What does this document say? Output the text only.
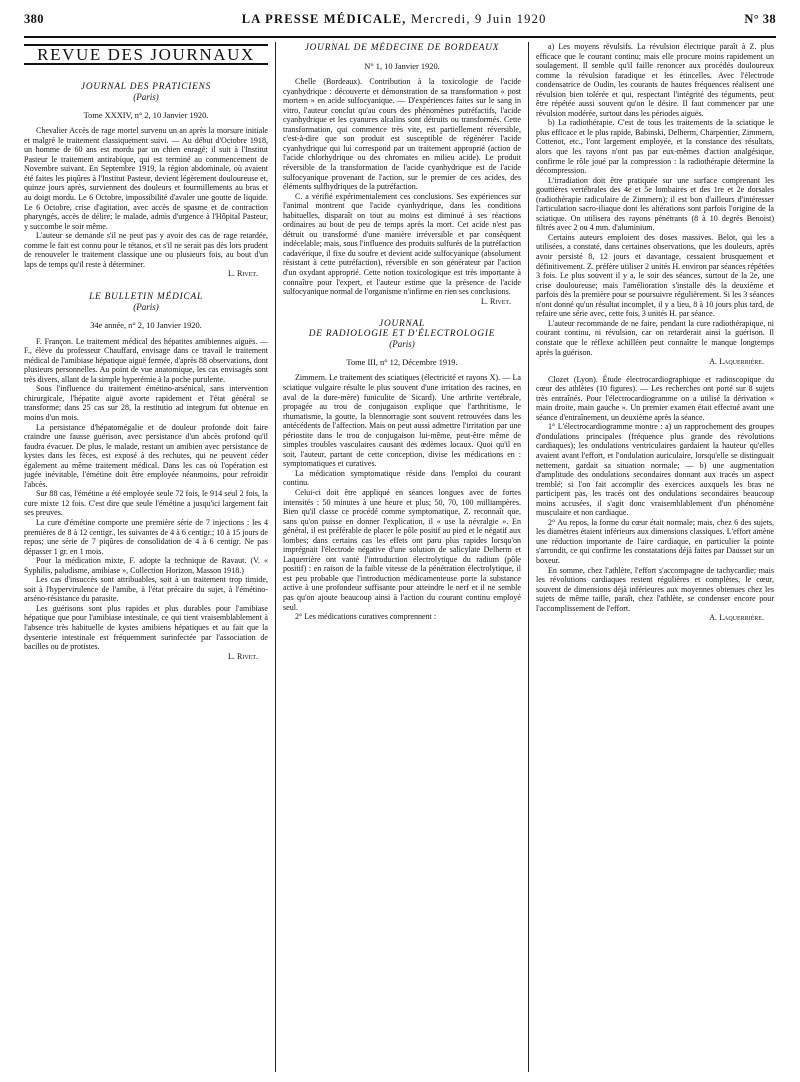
380	LA PRESSE MÉDICALE, Mercredi, 9 Juin 1920	N° 38
REVUE DES JOURNAUX
JOURNAL DES PRATICIENS
(Paris)
Tome XXXIV, n° 2, 10 Janvier 1920.

Chevalier Accès de rage mortel survenu un an après la morsure initiale et malgré le traitement classiquement suivi. — Au début d'Octobre 1918, un homme de 60 ans est mordu par un chien enragé; il suit à l'Institut Pasteur le traitement antirabique, qui est terminé au commencement de Novembre suivant. En Septembre 1919, la région abdominale, où avaient été faites les piqûres à l'Institut Pasteur, devient légèrement douloureuse et, quinze jours après, surviennent des douleurs et fourmillements au bras et au doigt mordu. Le 6 Octobre, impossibilité d'avaler une goutte de liquide. Le 6 Octobre, crise d'agitation, avec accès de spasme et de contraction pharyngés, accès de délire; le malade, admis d'urgence à l'Hôpital Pasteur, y succombe le soir même.

L'auteur se demande s'il ne peut pas y avoir des cas de rage retardée, comme le fait est connu pour le tétanos, et s'il ne serait pas dès lors prudent de renouveler le traitement classique une ou plusieurs fois, au bout d'un laps de temps qu'il reste à déterminer.

L. Rivet.
LE BULLETIN MÉDICAL
(Paris)
34e année, n° 2, 10 Janvier 1920.

F. Françon. Le traitement médical des hépatites amibiennes aiguës. — F., élève du professeur Chauffard, envisage dans ce travail le traitement médical de l'amibiase hépatique aiguë fermée, d'après 88 observations, dont plusieurs personnelles. Au point de vue anatomique, les cas envisagés sont très divers, allant de la simple hyperémie à la poche purulente.

Sous l'influence du traitement émétino-arsénical, sans intervention chirurgicale, l'hépatite aiguë avorte rapidement et l'état général se transforme; dans 25 cas sur 28, la restitutio ad integrum fut obtenue en moins d'un mois.

La persistance d'hépatomégalie et de douleur profonde doit faire craindre une fausse guérison, avec persistance d'un abcès profond qu'il faudra évacuer. De plus, le malade, restant un amibien avec persistance de kystes dans les fèces, est exposé à des rechutes, qui ne peuvent céder également au même traitement médical. Dans les cas où l'opération est jugée inévitable, l'émétine doit être employée néanmoins, pour refroidir l'abcès.

Sur 88 cas, l'émétine a été employée seule 72 fois, le 914 seul 2 fois, la cure mixte 12 fois. C'est dire que seule l'émétine a jusqu'ici largement fait ses preuves.

La cure d'émétine comporte une première série de 7 injections : les 4 premières de 8 à 12 centigr., les suivantes de 4 à 6 centigr.; 10 à 15 jours de repos; une série de 7 piqûres de consolidation de 4 à 6 centigr. Ne pas dépasser 1 gr. en 1 mois.

Pour la médication mixte, F. adopte la technique de Ravaut. (V. « Syphilis, paludisme, amibiase », Collection Horizon, Masson 1918.)

Les cas d'insuccès sont attribuables, soit à un traitement trop timide, soit à l'hypervirulence de l'amibe, à l'état précaire du sujet, à l'émétino-arséno-résistance du parasite.

Les guérisons sont plus rapides et plus durables pour l'amibiase hépatique que pour l'amibiase intestinale, ce qui tient vraisemblablement à l'absence très habituelle de kystes amibiens hépatiques et au fait que la dysenterie intestinale est fréquemment surinfectée par l'association de bacilles ou de protistes.

L. Rivet.
JOURNAL DE MÉDECINE DE BORDEAUX
N° 1, 10 Janvier 1920.

Chelle (Bordeaux). Contribution à la toxicologie de l'acide cyanhydrique : découverte et démonstration de sa transformation « post mortem » en acide sulfocyanique. — D'expériences faites sur le sang in vitro, l'auteur conclut qu'au cours des phénomènes putréfactifs, l'acide cyanhydrique et les cyanures alcalins sont détruits ou transformés. Cette transformation, qui commence très vite, est partiellement réversible, c'est-à-dire que son produit est susceptible de régénérer l'acide cyanhydrique qui lui correspond par un traitement approprié (action de l'acide chlorhydrique ou des chromates en milieu acide). Le produit réversible de la transformation de l'acide cyanhydrique est de l'acide sulfocyanique provenant de l'action, sur le premier de ces acides, des éléments sulfhydriques de la putréfaction.

C. a vérifié expérimentalement ces conclusions. Ses expériences sur l'animal montrent que l'acide cyanhydrique, dans les conditions habituelles, disparaît on tout au moins est diminué à ses réactions ordinaires au bout de peu de temps après la mort. Cet acide n'est pas détruit ou transformé d'une manière irréversible et par conséquent indécelable; mais, sous l'influence des produits sulfurés de la putréfaction cadavérique, il fixe du soufre et devient acide sulfocyanique (absolument résistant à cette putréfaction), réversible en son générateur par l'action d'un oxydant approprié. Cette notion toxicologique est très importante à connaître pour l'expert, et l'auteur estime que la présence de l'acide sulfocyanique normal de l'organisme n'infirme en rien ses conclusions.

L. Rivet.
JOURNAL
DE RADIOLOGIE ET D'ÉLECTROLOGIE
(Paris)
Tome III, n° 12, Décembre 1919.

Zimmern. Le traitement des sciatiques (électricité et rayons X). — La sciatique vulgaire résulte le plus souvent d'une irritation des racines, en aval de la dure-mère) funiculite de Sicard). Une arthrite vertébrale, propagée au trou de conjugaison explique que l'arthritisme, le rhumatisme, la goutte, la blennorragie sont souvent retrouvées dans les antécédents de l'affection. Mais on peut aussi admettre l'irritation par une périostite dans le trou de conjugaison lui-même, peut-être même de simples troubles vasculaires causant des œdèmes locaux. Quoi qu'il en soit, l'auteur, partant de cette conception, divise les médications en : symptomatiques et curatives.

La médication symptomatique réside dans l'emploi du courant continu.

Celui-ci doit être appliqué en séances longues avec de fortes intensités : 50 minutes à une heure et plus; 50, 70, 100 milliampères. Bien qu'il classe ce procédé comme symptomatique, Z. reconnaît que, sans qu'on puisse en donner l'explication, il « use la névralgie ». En général, il est préférable de placer le pôle positif au pied et le négatif aux lombes; dans certains cas les effets ont paru plus rapides lorsqu'on imprégnait l'électrode négative d'une solution de salicylate Delherm et Laquerrière ont vanté l'introduction électrolytique du radium (pôle positif) : en raison de la faible vitesse de la pénétration électrolytique, il est peu probable que l'introduction médicamenteuse porte la substance active à une profondeur suffisante pour atteindre le nerf et il ne semble pas qu'on ajoute beaucoup ainsi à l'action du courant continu employé seul.

2° Les médications curatives comprennent :

a) Les moyens révulsifs. La révulsion électrique paraît à Z. plus efficace que le courant continu; mais elle procure moins rapidement un soulagement. Il semble qu'il faille renoncer aux procédés douloureux comme la révulsion faradique et les étincelles. Avec l'électrode condensatrice de Oudin, les courants de hautes fréquences réalisent une révulsion bien tolérée et qui, respectant l'intégrité des téguments, peut être répétée aussi souvent qu'on le désire. Il faut commencer par une révulsion modérée, surtout dans les périodes aiguës.

b) La radiothérapie. C'est de tous les traitements de la sciatique le plus efficace et le plus rapide, Babinski, Delherm, Charpentier, Zimmern, Cottenot, etc., l'ont largement employée, et la constance des résultats, alors que les rayons n'ont pas par eux-mêmes d'action analgésique, confirme le rôle joué par la compression : la radiothérapie détermine la décompression.

L'irradiation doit être pratiquée sur une surface comprenant les gouttières vertébrales des 4e et 5e lombaires et des 1re et 2e dorsales (radiothérapie radiculaire de Zimmern); il est bon d'ailleurs d'intéresser l'articulation sacro-iliaque dont les altérations sont parfois l'origine de la sciatique. On utilisera des rayons pénétrants (8 à 10 degrés Benoist) filtrés avec 2 ou 4 mm. d'aluminium.

Certains auteurs emploient des doses massives. Belot, qui les a utilisées, a constaté, dans certaines observations, que les douleurs, après avoir persisté 8, 12 jours et davantage, cessaient brusquement et définitivement. Z. préfère utiliser 2 unités H. environ par séances répétées 3 fois. Le plus souvent il y a, le soir des séances, surtout de la 2e, une crise douloureuse; mais l'amélioration s'installe dès la deuxième et parfois dès la première pour se poursuivre régulièrement. Si les 3 séances n'ont donné qu'un résultat incomplet, il y a lieu, 8 à 10 jours plus tard, de refaire une série avec, cette fois, 3 unités H. par séance.

L'auteur recommande de ne faire, pendant la cure radiothérapique, ni courant continu, ni révulsion, car on retarderait ainsi la guérison. Il constate que le réflexe achilléen peut connaître le manque longtemps après la guérison.

A. Laquerrière.

Clozet (Lyon). Étude électrocardiographique et radioscopique du cœur des athlètes (10 figures). — Les recherches ont porté sur 8 sujets très entraînés. Pour l'électrocardiogramme on a utilisé la dérivation « main droite, main gauche ». Un premier examen était effectué avant une séance d'entraînement, un deuxième après la séance.

1° L'électrocardiogramme montre : a) un rapprochement des groupes d'ondulations principales (fréquence plus grande des révolutions cardiaques); les ondulations ventriculaires gardaient la hauteur qu'elles avaient avant l'effort, et l'ondulation auriculaire, lorsqu'elle se distinguait nettement, gardait sa situation normale; — b) une augmentation d'amplitude des ondulations secondaires donnant aux tracés un aspect tremblé; si l'on fait accomplir des exercices auxquels les bras ne participent pas, les tracés ont des ondulations secondaires beaucoup moins accusées, il s'agit donc vraisemblablement d'un phénomène musculaire et non cardiaque.

2° Au repos, la forme du cœur était normale; mais, chez 6 des sujets, les diamètres étaient inférieurs aux dimensions classiques. L'effort amène une réduction importante de l'aire cardiaque, en particulier la pointe s'arrondit, ce qui confirme les constatations déjà faites par Dausset sur un boxeur.

En somme, chez l'athlète, l'effort s'accompagne de tachycardie; mais les révolutions cardiaques restent régulières et complètes, le cœur, souvent de dimensions déjà inférieures aux moyennes obtenues chez les sujets de même taille, paraît, chez l'athlète, se condenser encore pour l'accomplissement de l'effort.

A. Laquerrière.
